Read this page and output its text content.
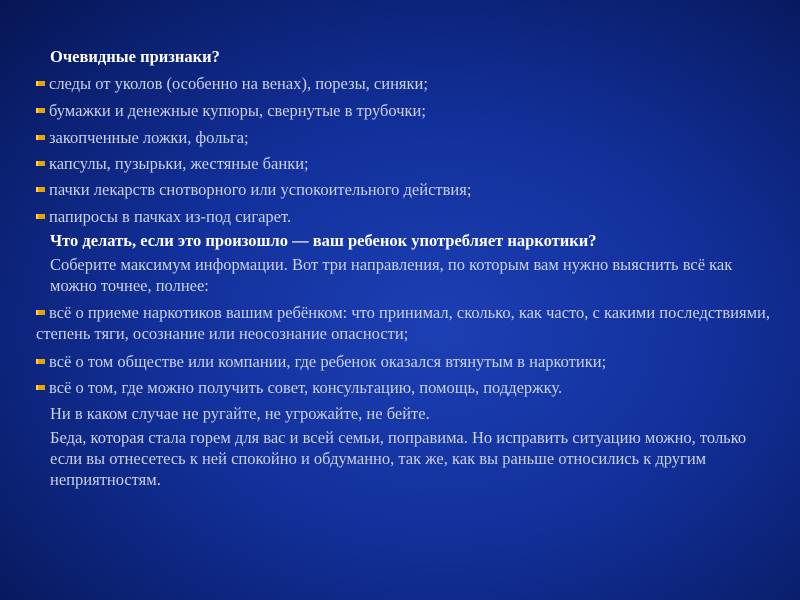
Очевидные признаки?
следы от уколов (особенно на венах), порезы, синяки;
бумажки и денежные купюры, свернутые в трубочки;
закопченные ложки, фольга;
капсулы, пузырьки, жестяные банки;
пачки лекарств снотворного или успокоительного действия;
папиросы в пачках из-под сигарет.
Что делать, если это произошло — ваш ребенок употребляет наркотики?
Соберите максимум информации. Вот три направления, по которым вам нужно выяснить всё как можно точнее, полнее:
всё о приеме наркотиков вашим ребёнком: что принимал, сколько, как часто, с какими последствиями, степень тяги, осознание или неосознание опасности;
всё о том обществе или компании, где ребенок оказался втянутым в наркотики;
всё о том, где можно получить совет, консультацию, помощь, поддержку.
Ни в каком случае не ругайте, не угрожайте, не бейте.
Беда, которая стала горем для вас и всей семьи, поправима. Но исправить ситуацию можно, только если вы отнесетесь к ней спокойно и обдуманно, так же, как вы раньше относились к другим неприятностям.
